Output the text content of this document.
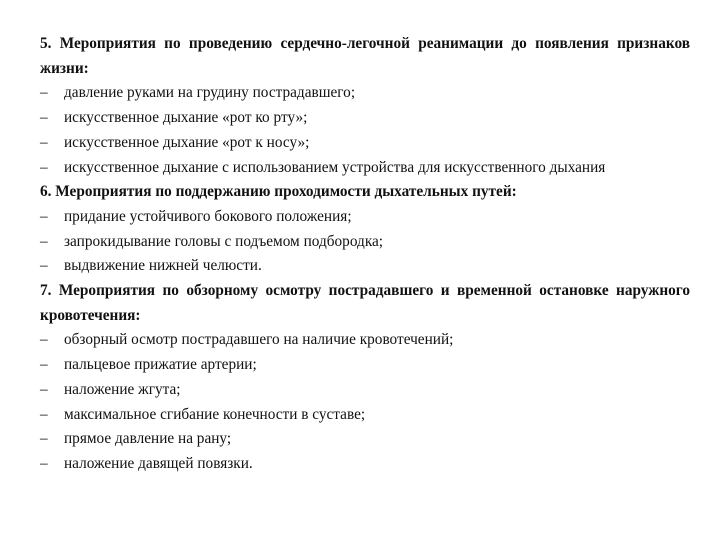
5. Мероприятия по проведению сердечно-легочной реанимации до появления признаков жизни:
– давление руками на грудину пострадавшего;
– искусственное дыхание «рот ко рту»;
– искусственное дыхание «рот к носу»;
– искусственное дыхание с использованием устройства для искусственного дыхания
6. Мероприятия по поддержанию проходимости дыхательных путей:
– придание устойчивого бокового положения;
– запрокидывание головы с подъемом подбородка;
– выдвижение нижней челюсти.
7. Мероприятия по обзорному осмотру пострадавшего и временной остановке наружного кровотечения:
– обзорный осмотр пострадавшего на наличие кровотечений;
– пальцевое прижатие артерии;
– наложение жгута;
– максимальное сгибание конечности в суставе;
– прямое давление на рану;
– наложение давящей повязки.
